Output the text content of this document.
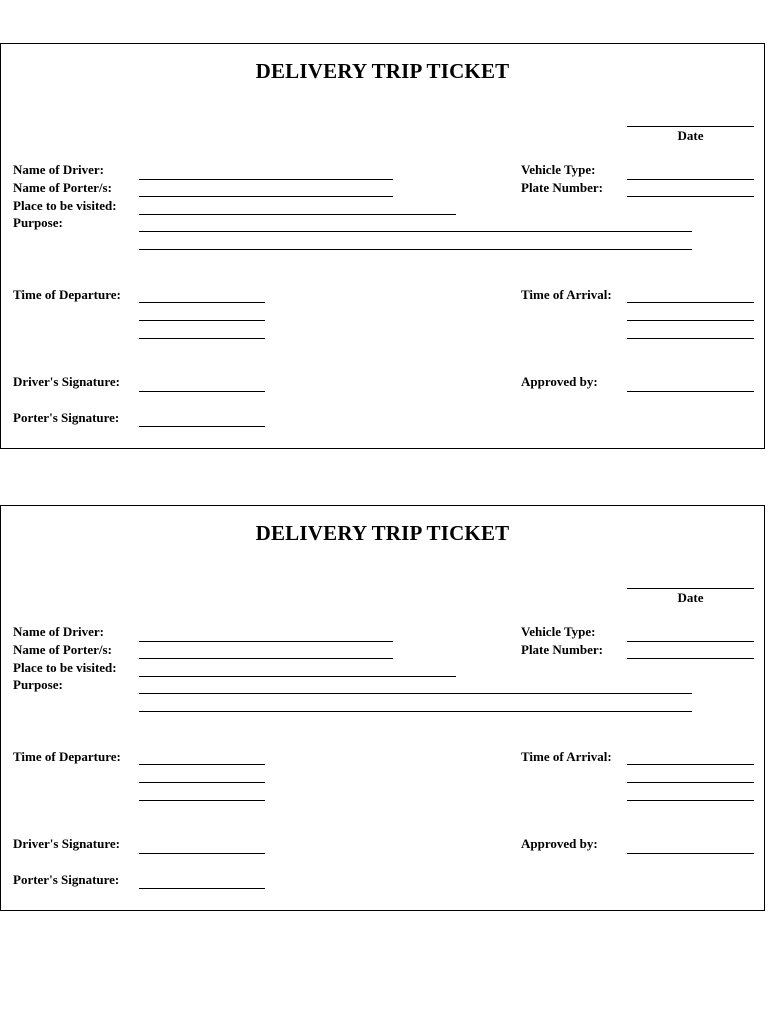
DELIVERY TRIP TICKET
Date
Name of Driver:
Name of Porter/s:
Place to be visited:
Purpose:
Vehicle Type:
Plate Number:
Time of Departure:	Time of Arrival:
Driver's Signature:	Approved by:
Porter's Signature:
DELIVERY TRIP TICKET
Date
Name of Driver:
Name of Porter/s:
Place to be visited:
Purpose:
Vehicle Type:
Plate Number:
Time of Departure:	Time of Arrival:
Driver's Signature:	Approved by:
Porter's Signature:
